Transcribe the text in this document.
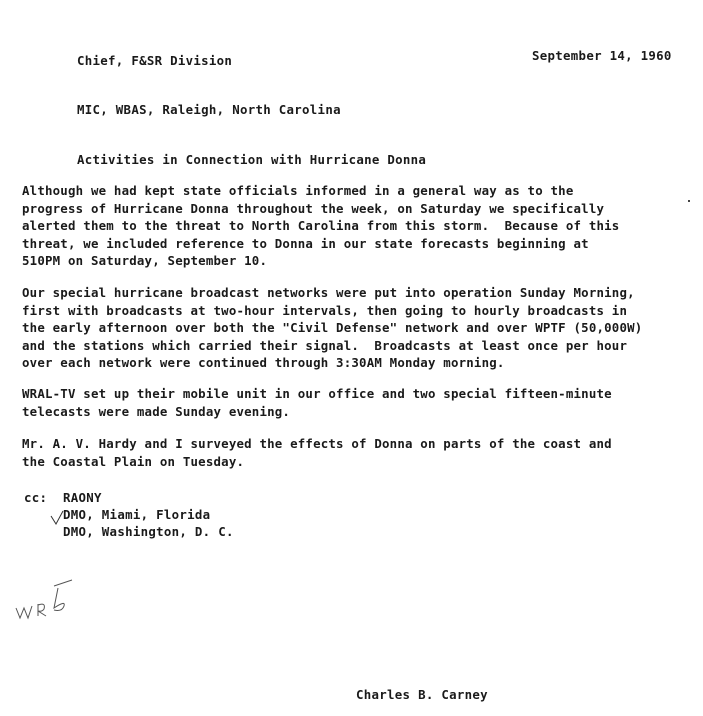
Chief, F&SR Division	September 14, 1960
MIC, WBAS, Raleigh, North Carolina
Activities in Connection with Hurricane Donna
Although we had kept state officials informed in a general way as to the
progress of Hurricane Donna throughout the week, on Saturday we specifically
alerted them to the threat to North Carolina from this storm.  Because of this
threat, we included reference to Donna in our state forecasts beginning at
510PM on Saturday, September 10.
Our special hurricane broadcast networks were put into operation Sunday Morning,
first with broadcasts at two-hour intervals, then going to hourly broadcasts in
the early afternoon over both the "Civil Defense" network and over WPTF (50,000W)
and the stations which carried their signal.  Broadcasts at least once per hour
over each network were continued through 3:30AM Monday morning.
WRAL-TV set up their mobile unit in our office and two special fifteen-minute
telecasts were made Sunday evening.
Mr. A. V. Hardy and I surveyed the effects of Donna on parts of the coast and
the Coastal Plain on Tuesday.
cc: RAONY
DMO, Miami, Florida
DMO, Washington, D. C.
Charles B. Carney
